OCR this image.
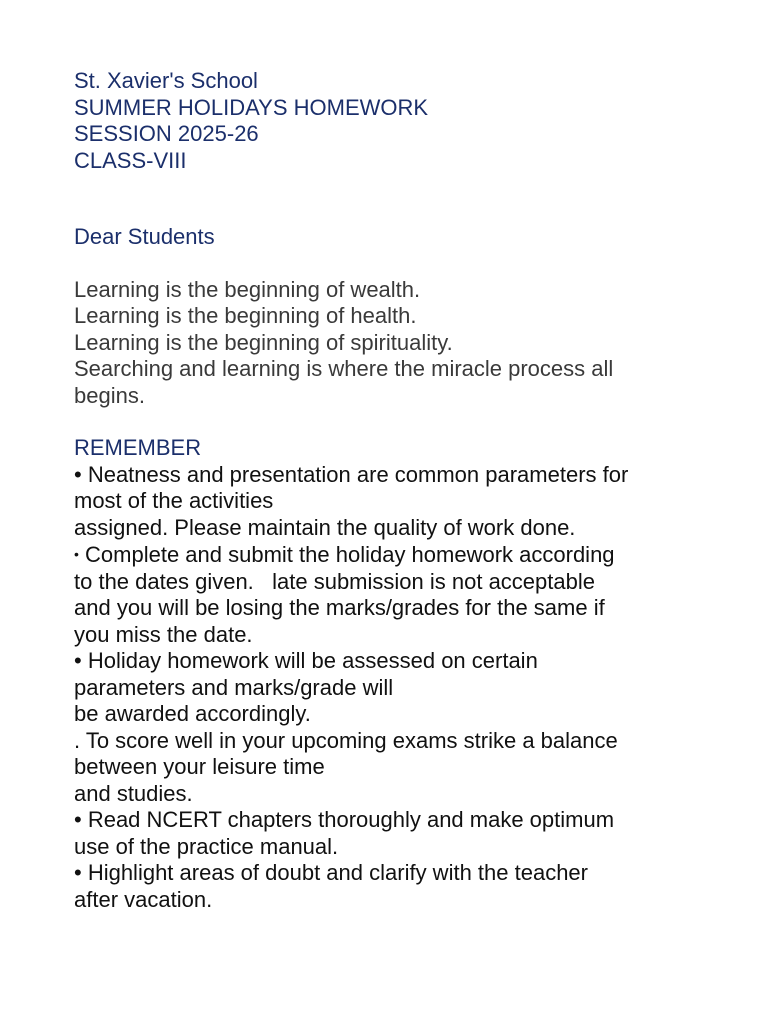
St. Xavier's School
SUMMER HOLIDAYS HOMEWORK
SESSION 2025-26
CLASS-VIII
Dear Students
Learning is the beginning of wealth.
Learning is the beginning of health.
Learning is the beginning of spirituality.
Searching and learning is where the miracle process all
begins.
REMEMBER
• Neatness and presentation are common parameters for
most of the activities
assigned. Please maintain the quality of work done.
• Complete and submit the holiday homework according
to the dates given.   late submission is not acceptable
and you will be losing the marks/grades for the same if
you miss the date.
• Holiday homework will be assessed on certain
parameters and marks/grade will
be awarded accordingly.
. To score well in your upcoming exams strike a balance
between your leisure time
and studies.
• Read NCERT chapters thoroughly and make optimum
use of the practice manual.
• Highlight areas of doubt and clarify with the teacher
after vacation.
